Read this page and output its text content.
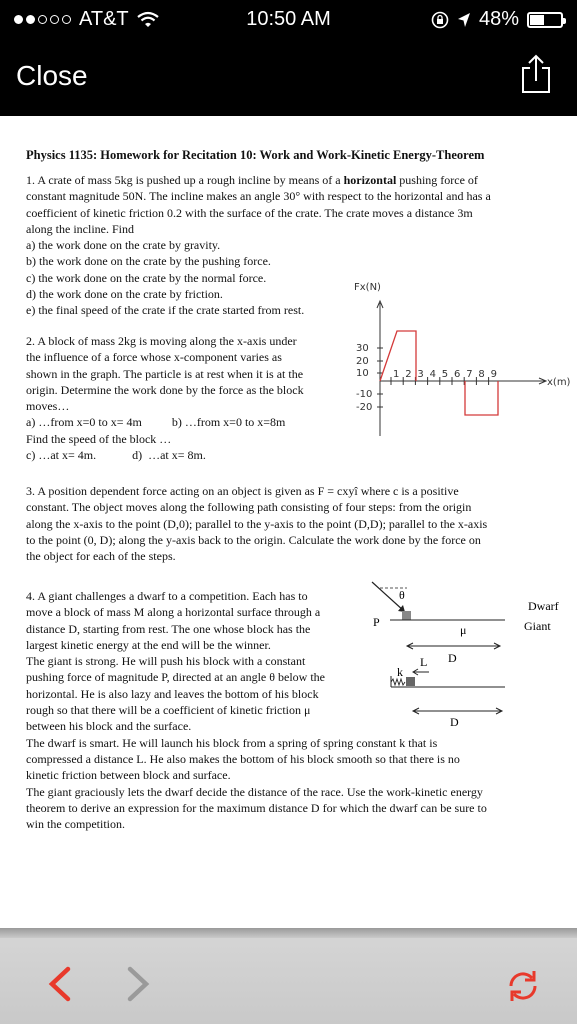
AT&T	10:50 AM	48%
Close
Physics 1135: Homework for Recitation 10: Work and Work-Kinetic Energy-Theorem
1. A crate of mass 5kg is pushed up a rough incline by means of a horizontal pushing force of
constant magnitude 50N. The incline makes an angle 30° with respect to the horizontal and has a
coefficient of kinetic friction 0.2 with the surface of the crate. The crate moves a distance 3m
along the incline. Find
a) the work done on the crate by gravity.
b) the work done on the crate by the pushing force.
c) the work done on the crate by the normal force.
d) the work done on the crate by friction.
e) the final speed of the crate if the crate started from rest.
2. A block of mass 2kg is moving along the x-axis under
the influence of a force whose x-component varies as
shown in the graph. The particle is at rest when it is at the
origin. Determine the work done by the force as the block
moves…
a) …from x=0 to x= 4m          b) …from x=0 to x=8m
Find the speed of the block …
c) …at x= 4m.            d)  …at x= 8m.
Fx(N)
x(m)
30
20
10
-10
-20
1 2 3 4 5 6 7 8 9
3. A position dependent force acting on an object is given as F = cxyî where c is a positive
constant. The object moves along the following path consisting of four steps: from the origin
along the x-axis to the point (D,0); parallel to the y-axis to the point (D,D); parallel to the x-axis
to the point (0, D); along the y-axis back to the origin. Calculate the work done by the force on
the object for each of the steps.
4. A giant challenges a dwarf to a competition. Each has to
move a block of mass M along a horizontal surface through a
distance D, starting from rest. The one whose block has the
largest kinetic energy at the end will be the winner.
The giant is strong. He will push his block with a constant
pushing force of magnitude P, directed at an angle θ below the
horizontal. He is also lazy and leaves the bottom of his block
rough so that there will be a coefficient of kinetic friction μ
between his block and the surface.
The dwarf is smart. He will launch his block from a spring of spring constant k that is
compressed a distance L. He also makes the bottom of his block smooth so that there is no
kinetic friction between block and surface.
The giant graciously lets the dwarf decide the distance of the race. Use the work-kinetic energy
theorem to derive an expression for the maximum distance D for which the dwarf can be sure to
win the competition.
θ
P
μ	Giant
D
k
L
Dwarf
D
